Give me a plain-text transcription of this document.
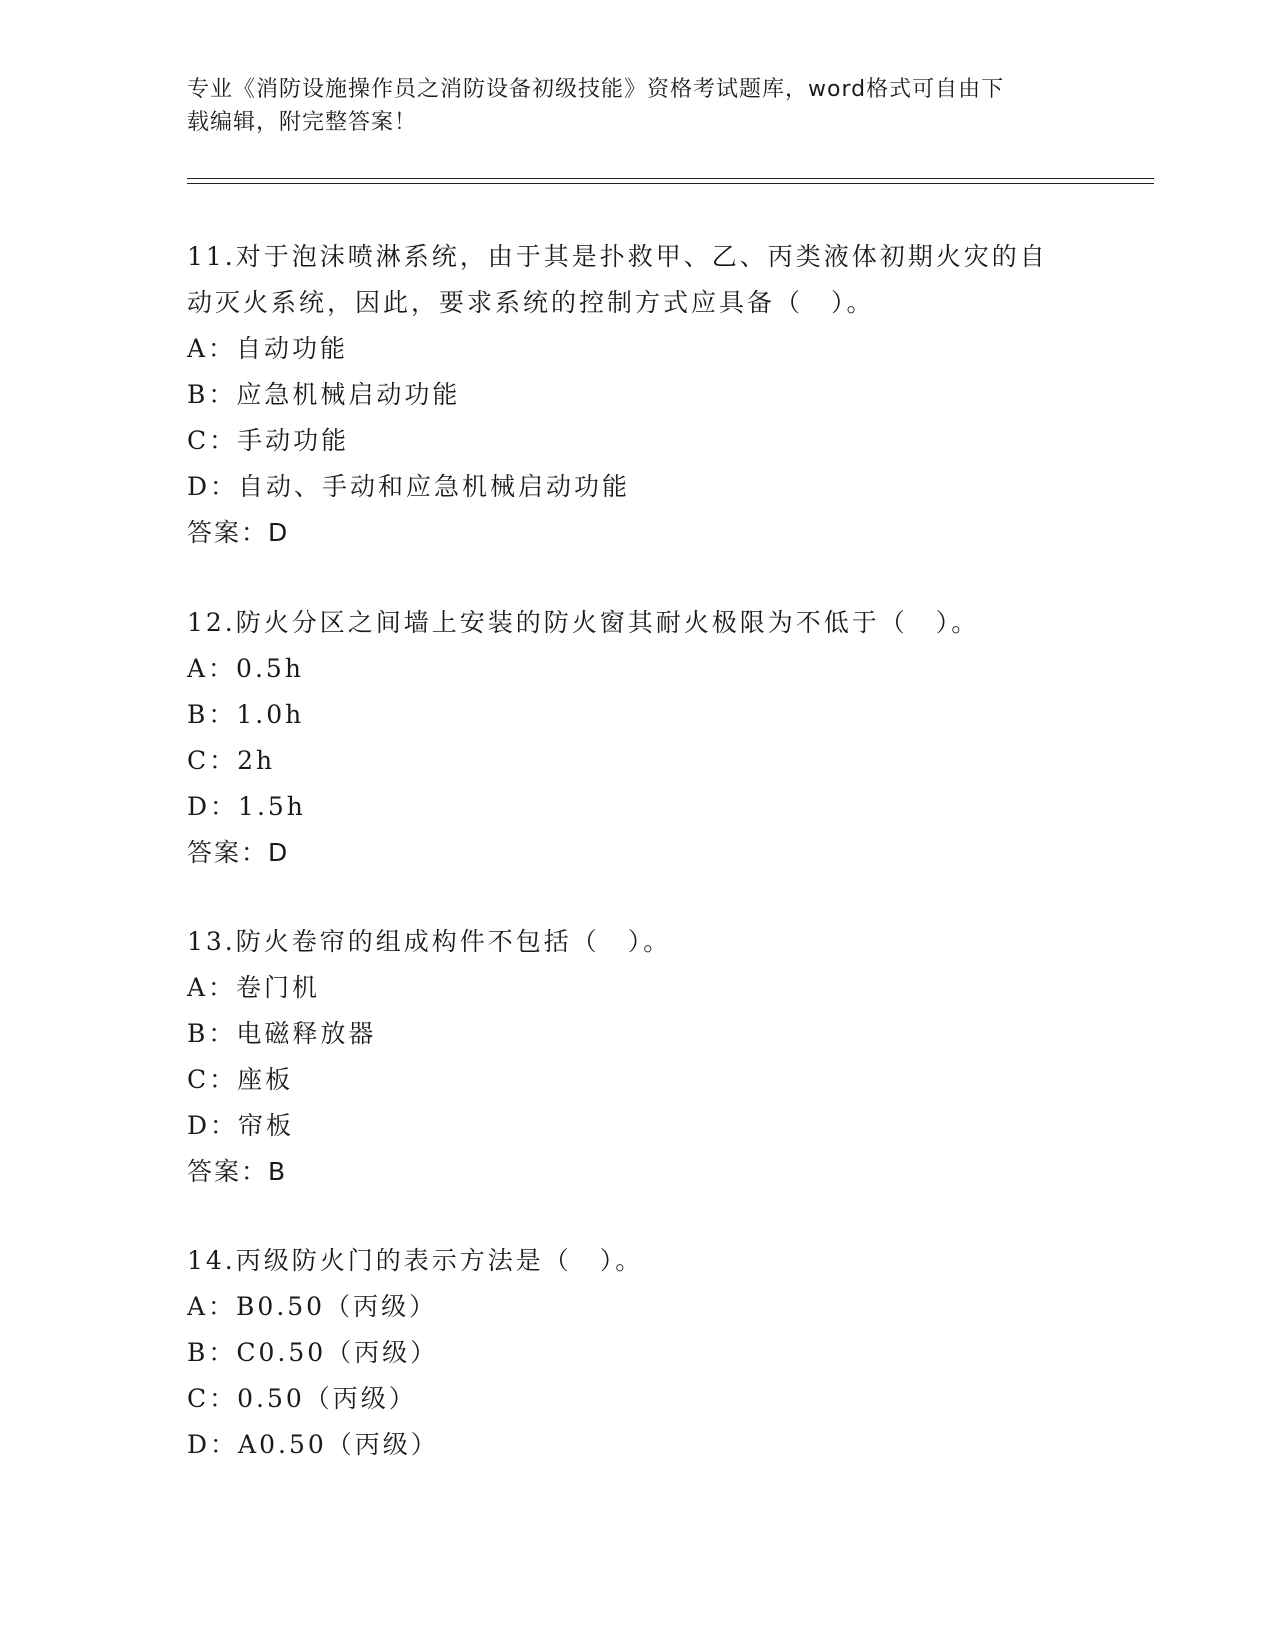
专业《消防设施操作员之消防设备初级技能》资格考试题库，word格式可自由下
载编辑，附完整答案！
11.对于泡沫喷淋系统，由于其是扑救甲、乙、丙类液体初期火灾的自
动灭火系统，因此，要求系统的控制方式应具备（　）。
A：自动功能
B：应急机械启动功能
C：手动功能
D：自动、手动和应急机械启动功能
答案：D
12.防火分区之间墙上安装的防火窗其耐火极限为不低于（　）。
A：0.5h
B：1.0h
C：2h
D：1.5h
答案：D
13.防火卷帘的组成构件不包括（　）。
A：卷门机
B：电磁释放器
C：座板
D：帘板
答案：B
14.丙级防火门的表示方法是（　）。
A：B0.50（丙级）
B：C0.50（丙级）
C：0.50（丙级）
D：A0.50（丙级）
